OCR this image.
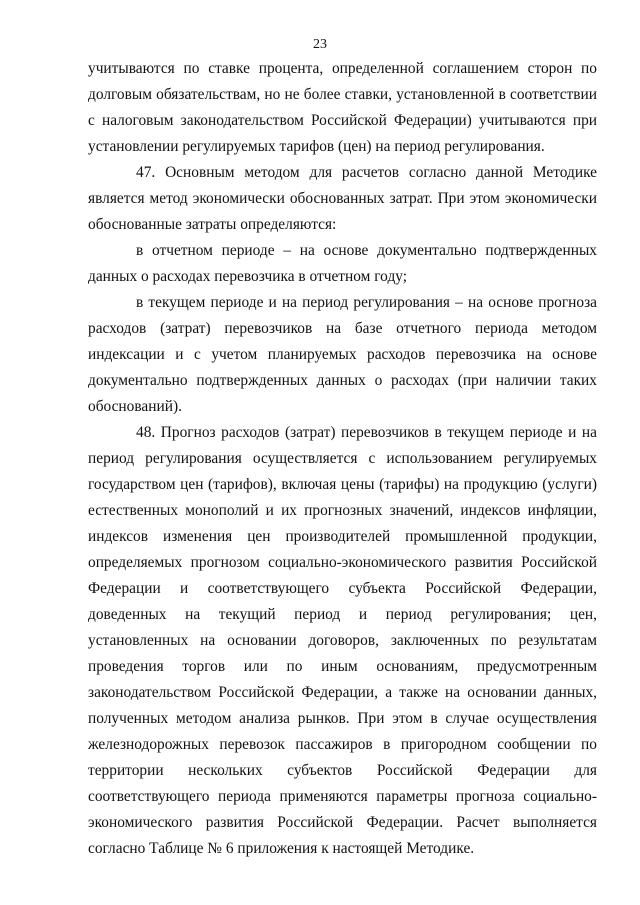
23

учитываются по ставке процента, определенной соглашением сторон по долговым обязательствам, но не более ставки, установленной в соответствии с налоговым законодательством Российской Федерации) учитываются при установлении регулируемых тарифов (цен) на период регулирования.

47. Основным методом для расчетов согласно данной Методике является метод экономически обоснованных затрат. При этом экономически обоснованные затраты определяются:

в отчетном периоде – на основе документально подтвержденных данных о расходах перевозчика в отчетном году;

в текущем периоде и на период регулирования – на основе прогноза расходов (затрат) перевозчиков на базе отчетного периода методом индексации и с учетом планируемых расходов перевозчика на основе документально подтвержденных данных о расходах (при наличии таких обоснований).

48. Прогноз расходов (затрат) перевозчиков в текущем периоде и на период регулирования осуществляется с использованием регулируемых государством цен (тарифов), включая цены (тарифы) на продукцию (услуги) естественных монополий и их прогнозных значений, индексов инфляции, индексов изменения цен производителей промышленной продукции, определяемых прогнозом социально-экономического развития Российской Федерации и соответствующего субъекта Российской Федерации, доведенных на текущий период и период регулирования; цен, установленных на основании договоров, заключенных по результатам проведения торгов или по иным основаниям, предусмотренным законодательством Российской Федерации, а также на основании данных, полученных методом анализа рынков. При этом в случае осуществления железнодорожных перевозок пассажиров в пригородном сообщении по территории нескольких субъектов Российской Федерации для соответствующего периода применяются параметры прогноза социально-экономического развития Российской Федерации. Расчет выполняется согласно Таблице № 6 приложения к настоящей Методике.
